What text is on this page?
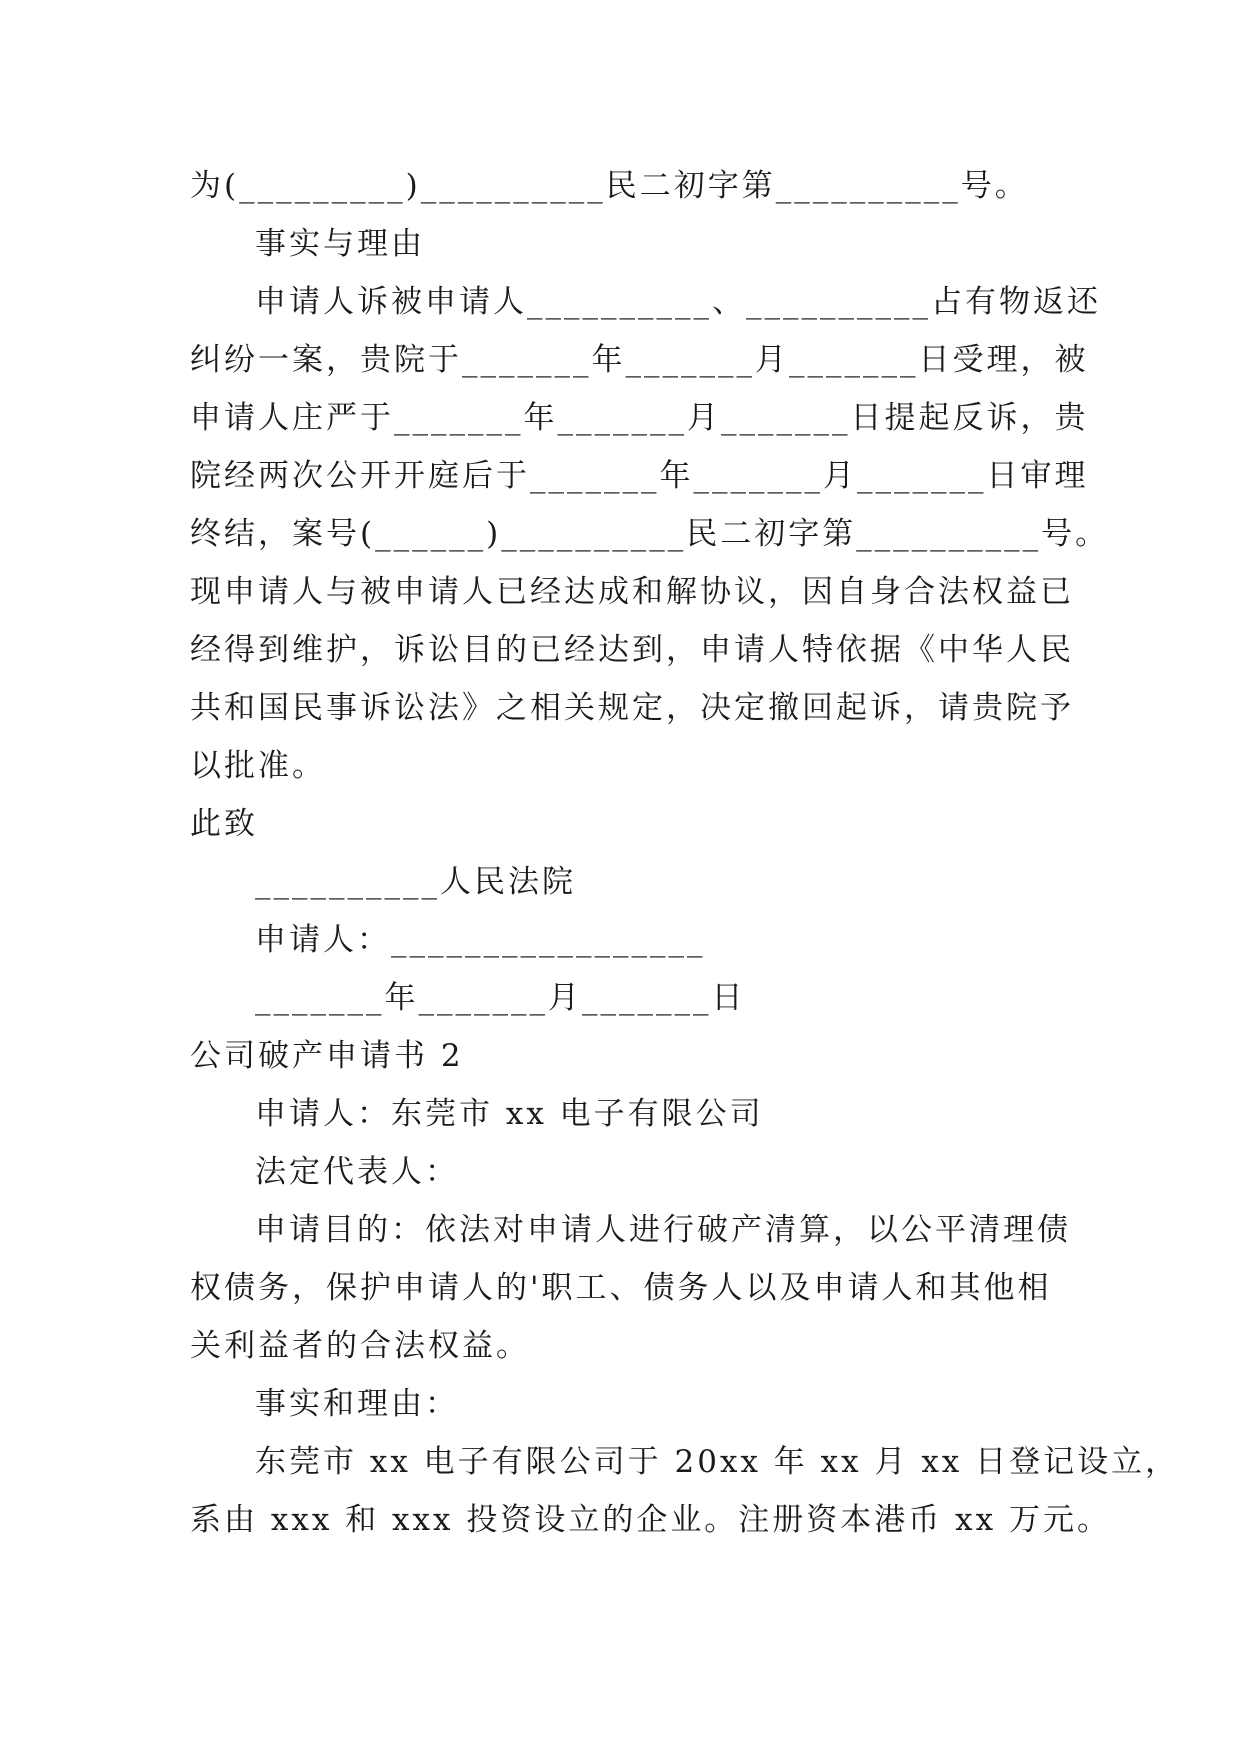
为(_________)__________民二初字第__________号。
事实与理由
申请人诉被申请人__________、__________占有物返还
纠纷一案，贵院于_______年_______月_______日受理，被
申请人庄严于_______年_______月_______日提起反诉，贵
院经两次公开开庭后于_______年_______月_______日审理
终结，案号(______)__________民二初字第__________号。
现申请人与被申请人已经达成和解协议，因自身合法权益已
经得到维护，诉讼目的已经达到，申请人特依据《中华人民
共和国民事诉讼法》之相关规定，决定撤回起诉，请贵院予
以批准。
此致
__________人民法院
申请人：_________________
_______年_______月_______日
公司破产申请书 2
申请人：东莞市 xx 电子有限公司
法定代表人：
申请目的：依法对申请人进行破产清算，以公平清理债
权债务，保护申请人的'职工、债务人以及申请人和其他相
关利益者的合法权益。
事实和理由：
东莞市 xx 电子有限公司于 20xx 年 xx 月 xx 日登记设立，
系由 xxx 和 xxx 投资设立的企业。注册资本港币 xx 万元。
